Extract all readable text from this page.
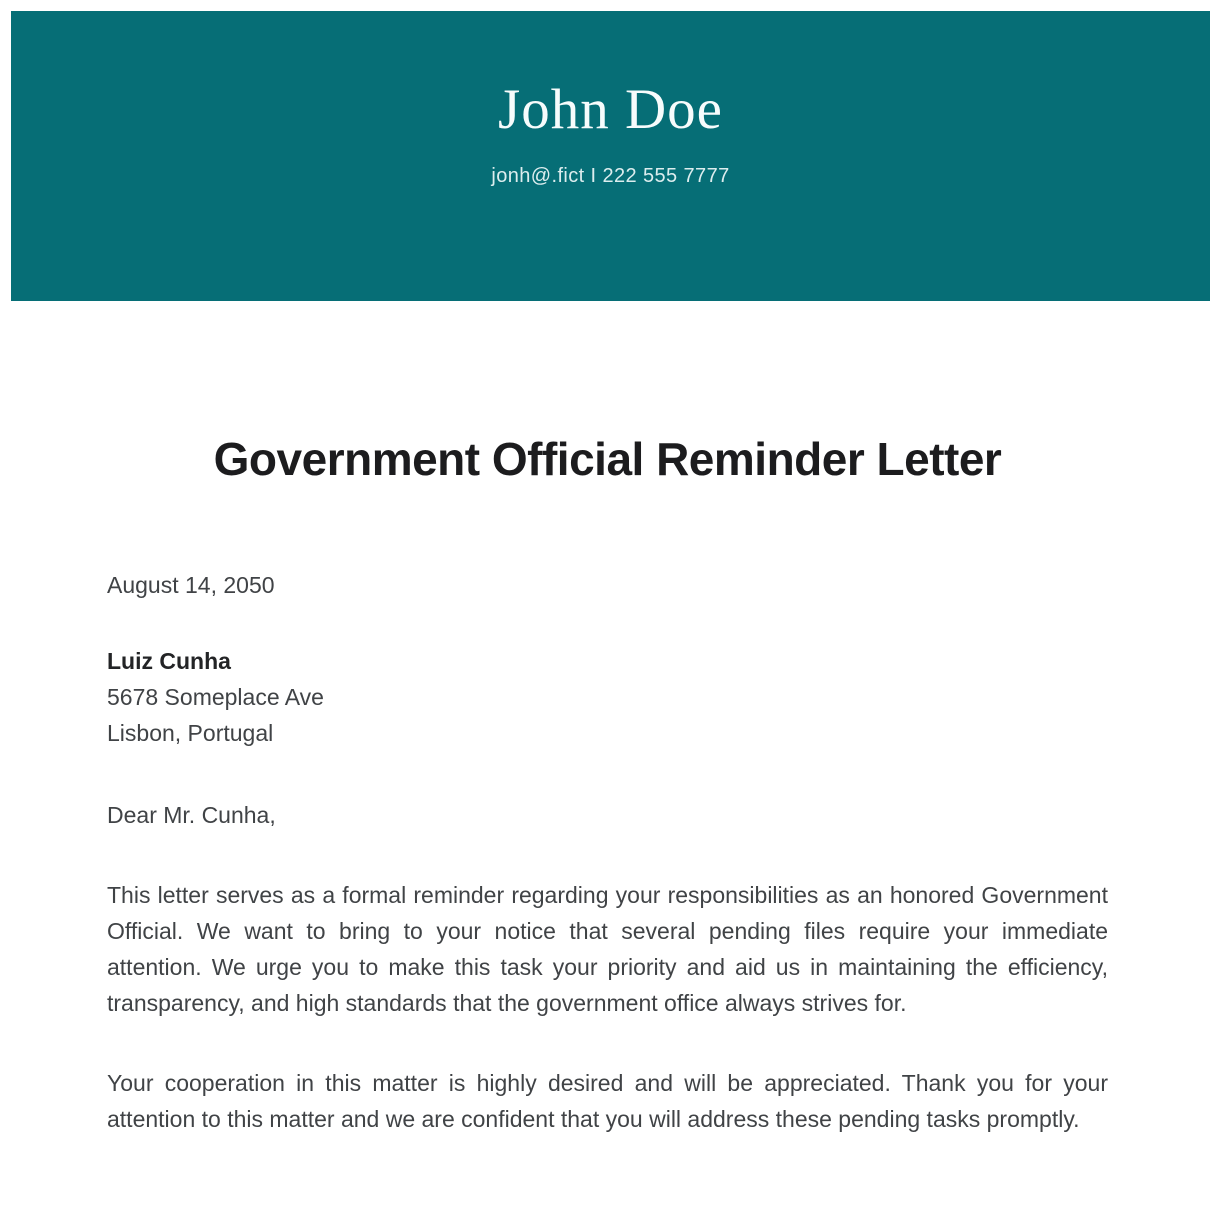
John Doe

jonh@.fict I 222 555 7777

Government Official Reminder Letter
August 14, 2050
Luiz Cunha
5678 Someplace Ave
Lisbon, Portugal
Dear Mr. Cunha,

This letter serves as a formal reminder regarding your responsibilities as an honored Government Official. We want to bring to your notice that several pending files require your immediate attention. We urge you to make this task your priority and aid us in maintaining the efficiency, transparency, and high standards that the government office always strives for.

Your cooperation in this matter is highly desired and will be appreciated. Thank you for your attention to this matter and we are confident that you will address these pending tasks promptly.
